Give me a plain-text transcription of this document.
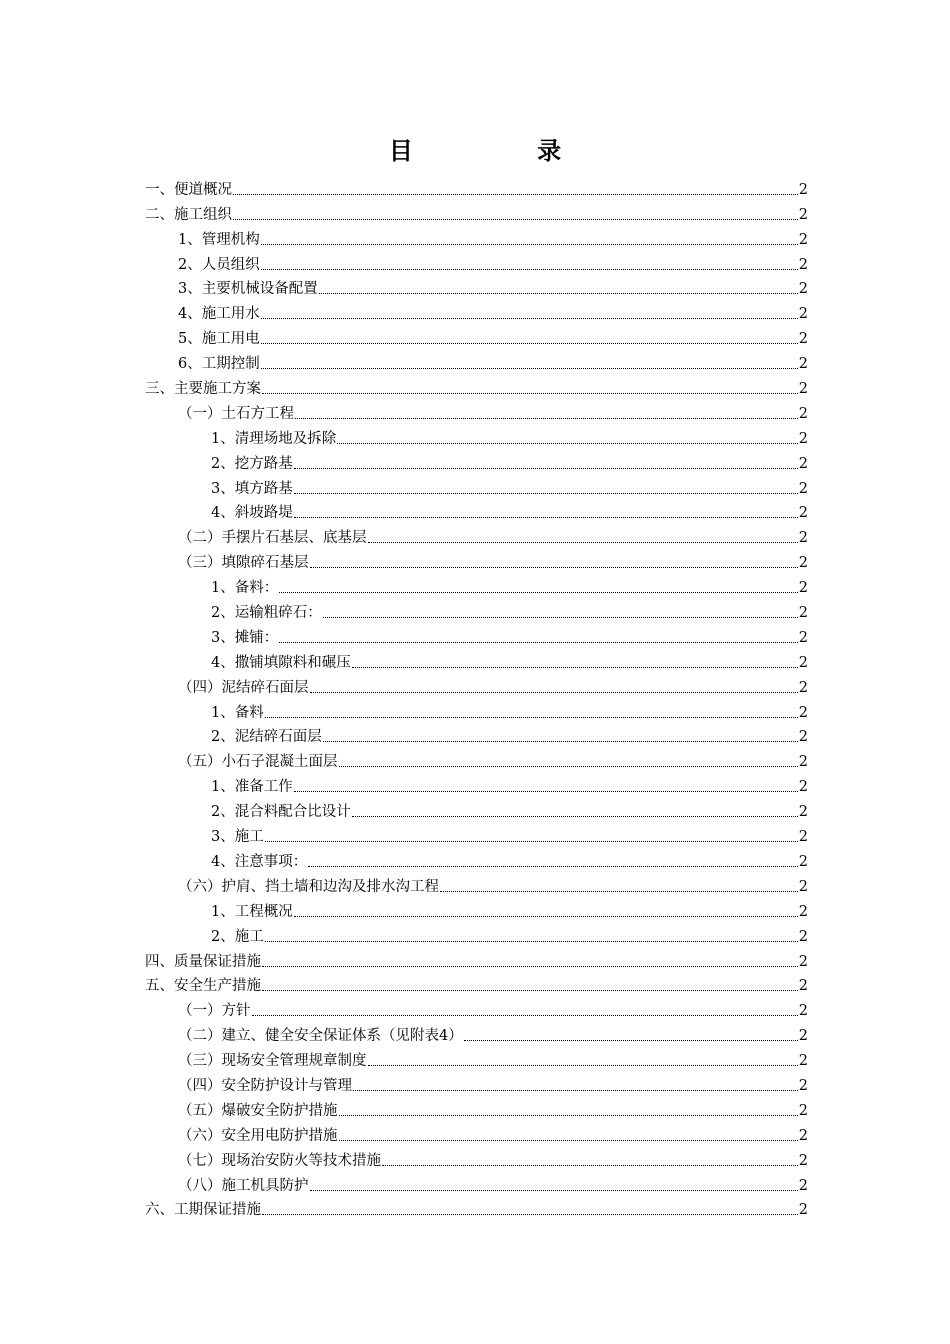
目 录
一、便道概况	2
二、施工组织	2
1、管理机构	2
2、人员组织	2
3、主要机械设备配置	2
4、施工用水	2
5、施工用电	2
6、工期控制	2
三、主要施工方案	2
（一）土石方工程	2
1、清理场地及拆除	2
2、挖方路基	2
3、填方路基	2
4、斜坡路堤	2
（二）手摆片石基层、底基层	2
（三）填隙碎石基层	2
1、备料：	2
2、运输粗碎石：	2
3、摊铺：	2
4、撒铺填隙料和碾压	2
（四）泥结碎石面层	2
1、备料	2
2、泥结碎石面层	2
（五）小石子混凝土面层	2
1、准备工作	2
2、混合料配合比设计	2
3、施工	2
4、注意事项：	2
（六）护肩、挡土墙和边沟及排水沟工程	2
1、工程概况	2
2、施工	2
四、质量保证措施	2
五、安全生产措施	2
（一）方针	2
（二）建立、健全安全保证体系（见附表4）	2
（三）现场安全管理规章制度	2
（四）安全防护设计与管理	2
（五）爆破安全防护措施	2
（六）安全用电防护措施	2
（七）现场治安防火等技术措施	2
（八）施工机具防护	2
六、工期保证措施	2
